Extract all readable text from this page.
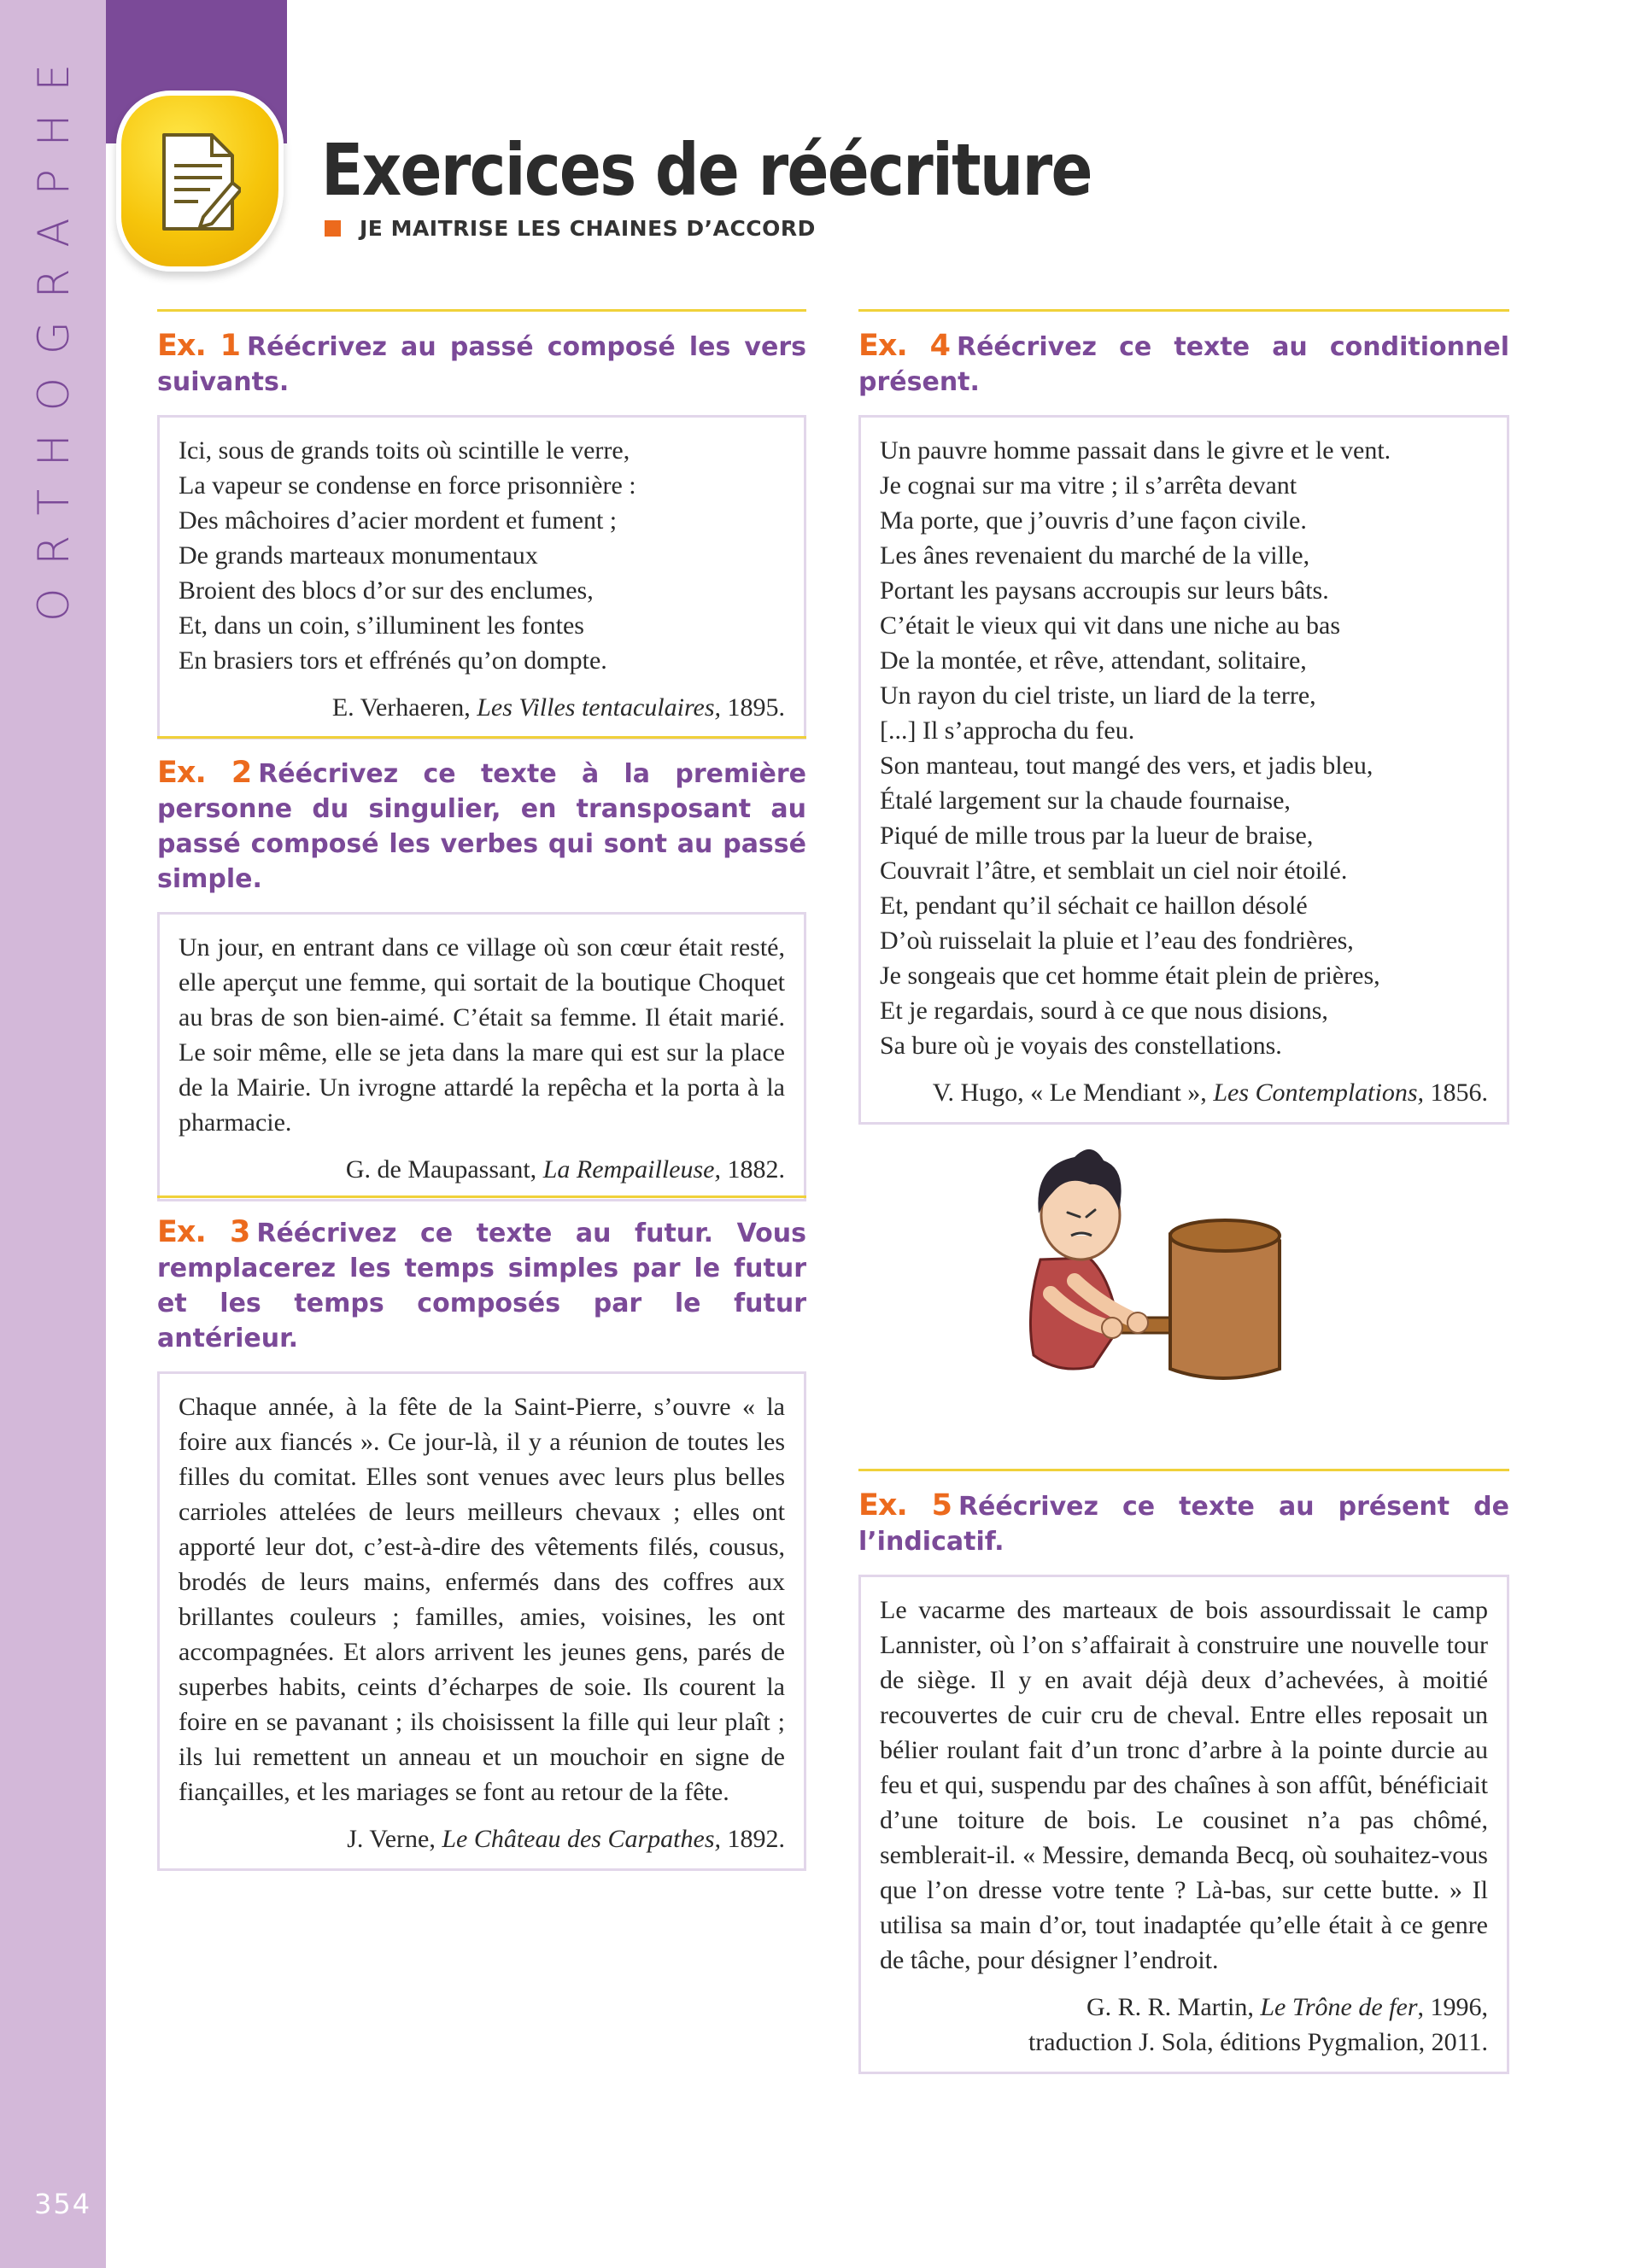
ORTHOGRAPHE
354
Exercices de réécriture
JE MAITRISE LES CHAINES D’ACCORD
Ex. 1 Réécrivez au passé composé les vers suivants.
Ici, sous de grands toits où scintille le verre,
La vapeur se condense en force prisonnière :
Des mâchoires d’acier mordent et fument ;
De grands marteaux monumentaux
Broient des blocs d’or sur des enclumes,
Et, dans un coin, s’illuminent les fontes
En brasiers tors et effrénés qu’on dompte.
E. Verhaeren, Les Villes tentaculaires, 1895.
Ex. 2 Réécrivez ce texte à la première personne du singulier, en transposant au passé composé les verbes qui sont au passé simple.
Un jour, en entrant dans ce village où son cœur était resté, elle aperçut une femme, qui sortait de la boutique Choquet au bras de son bien-aimé. C’était sa femme. Il était marié. Le soir même, elle se jeta dans la mare qui est sur la place de la Mairie. Un ivrogne attardé la repêcha et la porta à la pharmacie.
G. de Maupassant, La Rempailleuse, 1882.
Ex. 3 Réécrivez ce texte au futur. Vous remplacerez les temps simples par le futur et les temps composés par le futur antérieur.
Chaque année, à la fête de la Saint-Pierre, s’ouvre « la foire aux fiancés ». Ce jour-là, il y a réunion de toutes les filles du comitat. Elles sont venues avec leurs plus belles carrioles attelées de leurs meilleurs chevaux ; elles ont apporté leur dot, c’est-à-dire des vêtements filés, cousus, brodés de leurs mains, enfermés dans des coffres aux brillantes couleurs ; familles, amies, voisines, les ont accompagnées. Et alors arrivent les jeunes gens, parés de superbes habits, ceints d’écharpes de soie. Ils courent la foire en se pavanant ; ils choisissent la fille qui leur plaît ; ils lui remettent un anneau et un mouchoir en signe de fiançailles, et les mariages se font au retour de la fête.
J. Verne, Le Château des Carpathes, 1892.
Ex. 4 Réécrivez ce texte au conditionnel présent.
Un pauvre homme passait dans le givre et le vent.
Je cognai sur ma vitre ; il s’arrêta devant
Ma porte, que j’ouvris d’une façon civile.
Les ânes revenaient du marché de la ville,
Portant les paysans accroupis sur leurs bâts.
C’était le vieux qui vit dans une niche au bas
De la montée, et rêve, attendant, solitaire,
Un rayon du ciel triste, un liard de la terre,
[...] Il s’approcha du feu.
Son manteau, tout mangé des vers, et jadis bleu,
Étalé largement sur la chaude fournaise,
Piqué de mille trous par la lueur de braise,
Couvrait l’âtre, et semblait un ciel noir étoilé.
Et, pendant qu’il séchait ce haillon désolé
D’où ruisselait la pluie et l’eau des fondrières,
Je songeais que cet homme était plein de prières,
Et je regardais, sourd à ce que nous disions,
Sa bure où je voyais des constellations.
V. Hugo, « Le Mendiant », Les Contemplations, 1856.
Ex. 5 Réécrivez ce texte au présent de l’indicatif.
Le vacarme des marteaux de bois assourdissait le camp Lannister, où l’on s’affairait à construire une nouvelle tour de siège. Il y en avait déjà deux d’achevées, à moitié recouvertes de cuir cru de cheval. Entre elles reposait un bélier roulant fait d’un tronc d’arbre à la pointe durcie au feu et qui, suspendu par des chaînes à son affût, bénéficiait d’une toiture de bois. Le cousinet n’a pas chômé, semblerait-il. « Messire, demanda Becq, où souhaitez-vous que l’on dresse votre tente ? Là-bas, sur cette butte. » Il utilisa sa main d’or, tout inadaptée qu’elle était à ce genre de tâche, pour désigner l’endroit.
G. R. R. Martin, Le Trône de fer, 1996,
traduction J. Sola, éditions Pygmalion, 2011.
